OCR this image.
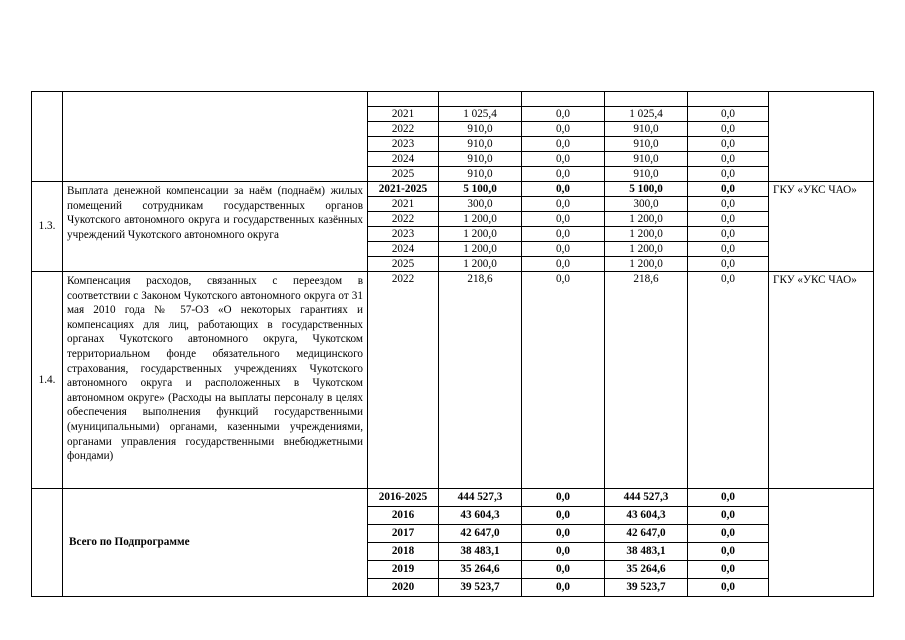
		2021	1 025,4	0,0	1 025,4	0,0	
		2022	910,0	0,0	910,0	0,0	
		2023	910,0	0,0	910,0	0,0	
		2024	910,0	0,0	910,0	0,0	
		2025	910,0	0,0	910,0	0,0	
1.3.	Выплата денежной компенсации за наём (поднаём) жилых помещений сотрудникам государственных органов Чукотского автономного округа и государственных казённых учреждений Чукотского автономного округа	2021-2025	5 100,0	0,0	5 100,0	0,0	ГКУ «УКС ЧАО»
		2021	300,0	0,0	300,0	0,0	
		2022	1 200,0	0,0	1 200,0	0,0	
		2023	1 200,0	0,0	1 200,0	0,0	
		2024	1 200,0	0,0	1 200,0	0,0	
		2025	1 200,0	0,0	1 200,0	0,0	
1.4.	Компенсация расходов, связанных с переездом в соответствии с Законом Чукотского автономного округа от 31 мая 2010 года № 57-ОЗ «О некоторых гарантиях и компенсациях для лиц, работающих в государственных органах Чукотского автономного округа, Чукотском территориальном фонде обязательного медицинского страхования, государственных учреждениях Чукотского автономного округа и расположенных в Чукотском автономном округе» (Расходы на выплаты персоналу в целях обеспечения выполнения функций государственными (муниципальными) органами, казенными учреждениями, органами управления государственными внебюджетными фондами)	2022	218,6	0,0	218,6	0,0	ГКУ «УКС ЧАО»
	Всего по Подпрограмме	2016-2025	444 527,3	0,0	444 527,3	0,0	
		2016	43 604,3	0,0	43 604,3	0,0	
		2017	42 647,0	0,0	42 647,0	0,0	
		2018	38 483,1	0,0	38 483,1	0,0	
		2019	35 264,6	0,0	35 264,6	0,0	
		2020	39 523,7	0,0	39 523,7	0,0	
